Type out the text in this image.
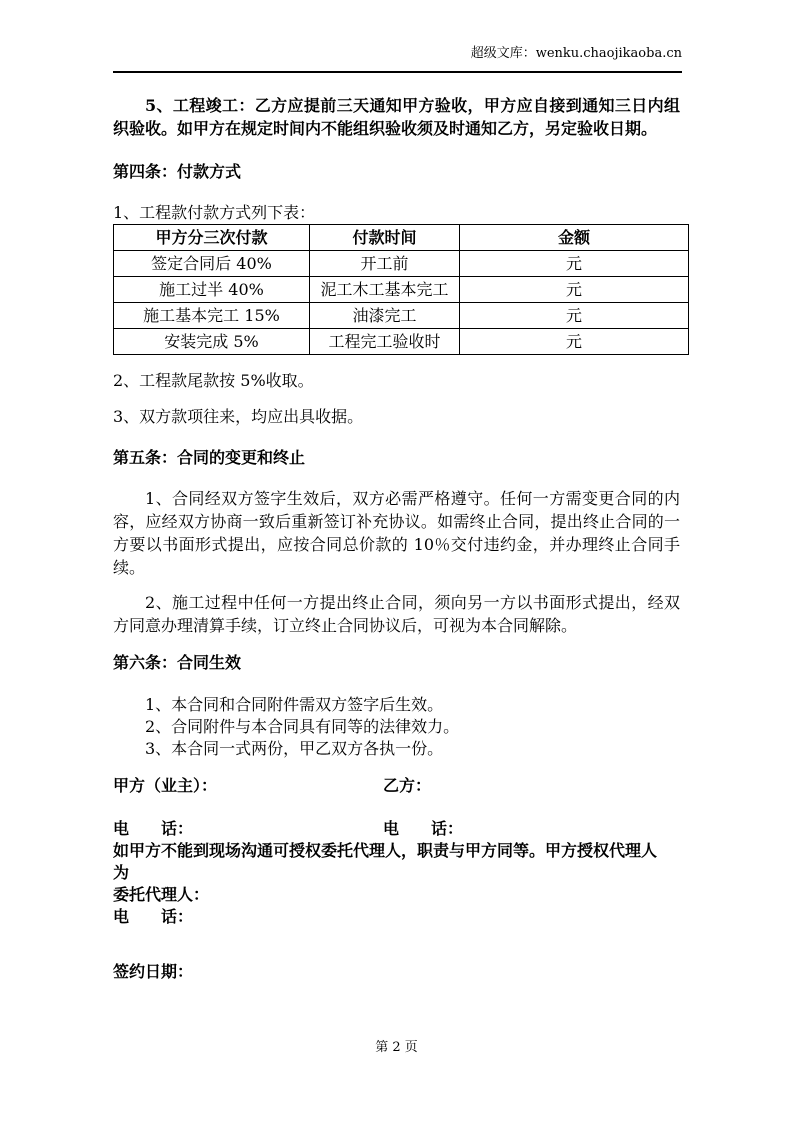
超级文库：wenku.chaojikaoba.cn

5、工程竣工：乙方应提前三天通知甲方验收，甲方应自接到通知三日内组织验收。如甲方在规定时间内不能组织验收须及时通知乙方，另定验收日期。

第四条：付款方式

1、工程款付款方式列下表：

甲方分三次付款	付款时间	金额
签定合同后 40%	开工前	元
施工过半 40%	泥工木工基本完工	元
施工基本完工 15%	油漆完工	元
安装完成 5%	工程完工验收时	元

2、工程款尾款按 5%收取。

3、双方款项往来，均应出具收据。

第五条：合同的变更和终止

1、合同经双方签字生效后，双方必需严格遵守。任何一方需变更合同的内容，应经双方协商一致后重新签订补充协议。如需终止合同，提出终止合同的一方要以书面形式提出，应按合同总价款的 10％交付违约金，并办理终止合同手续。

2、施工过程中任何一方提出终止合同，须向另一方以书面形式提出，经双方同意办理清算手续，订立终止合同协议后，可视为本合同解除。

第六条：合同生效

1、本合同和合同附件需双方签字后生效。

2、合同附件与本合同具有同等的法律效力。

3、本合同一式两份，甲乙双方各执一份。

甲方（业主）：	乙方：
电　　话：	电　　话：
如甲方不能到现场沟通可授权委托代理人，职责与甲方同等。甲方授权代理人
为
委托代理人：
电　　话：
签约日期：
第 2 页
